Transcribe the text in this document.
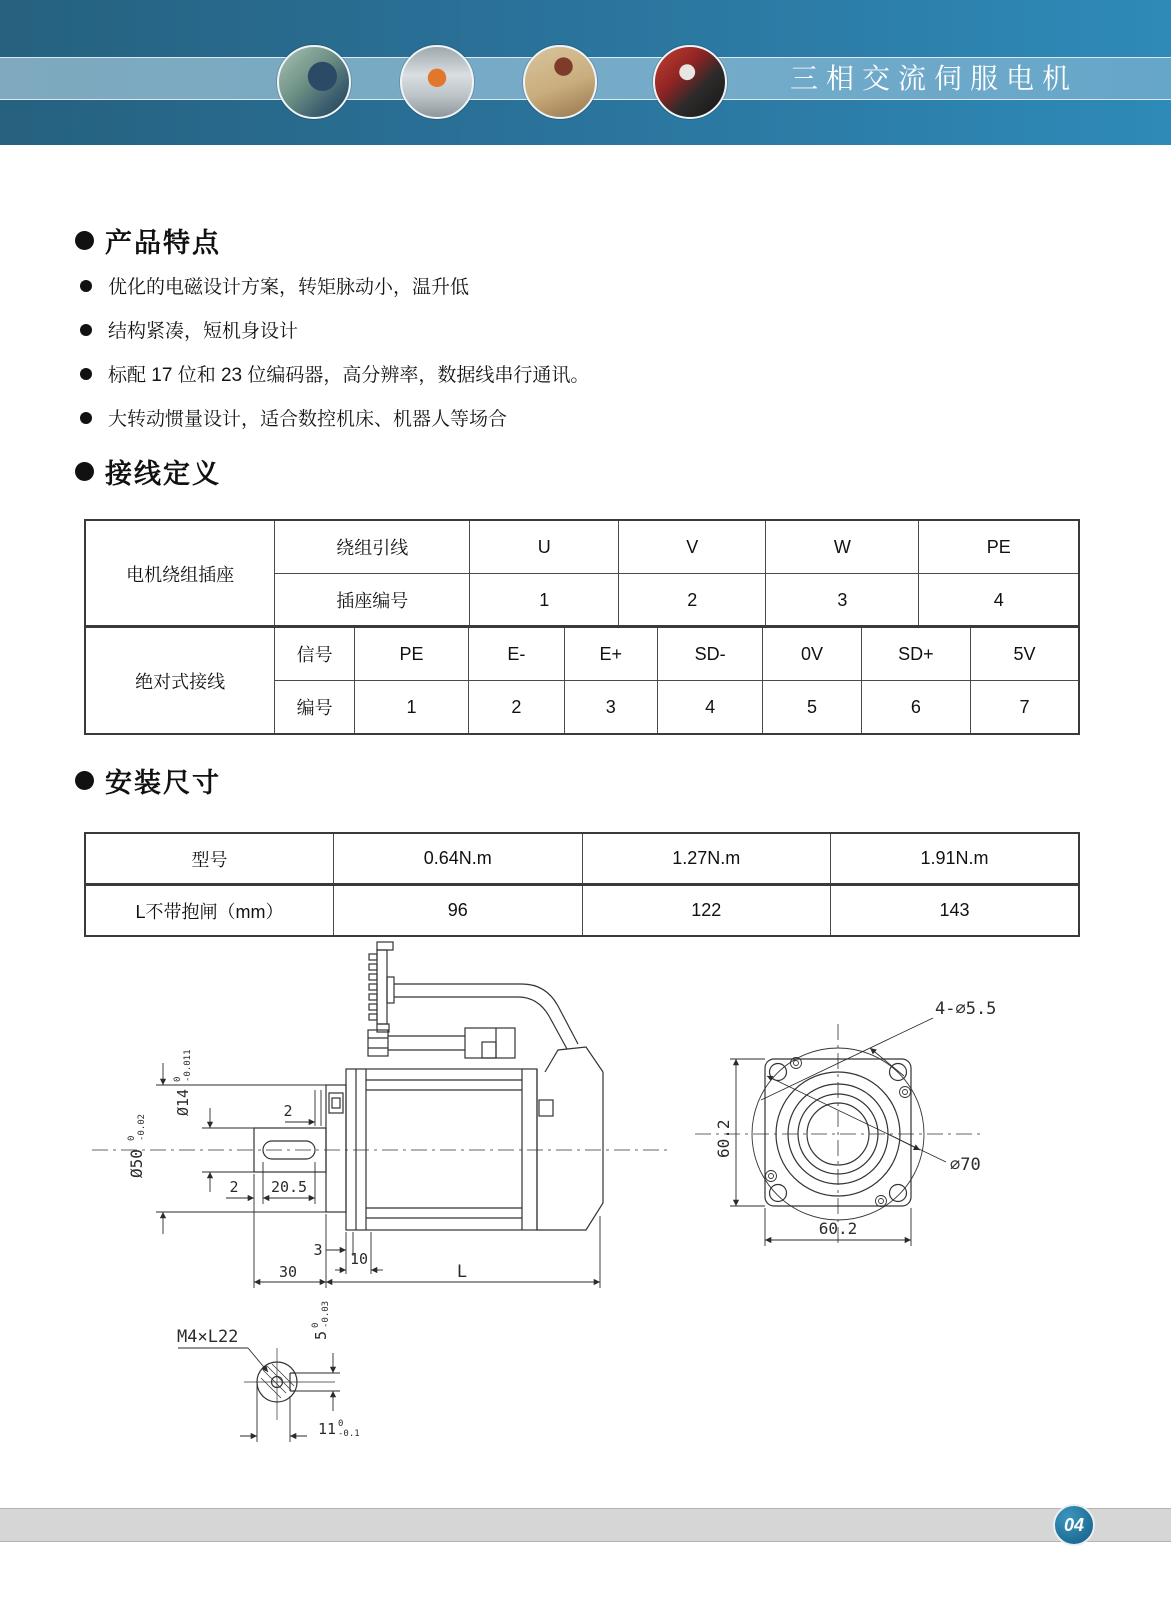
三相交流伺服电机
产品特点
优化的电磁设计方案，转矩脉动小，温升低
结构紧凑，短机身设计
标配 17 位和 23 位编码器，高分辨率，数据线串行通讯。
大转动惯量设计，适合数控机床、机器人等场合
接线定义
电机绕组插座	绕组引线	U	V	W	PE
	插座编号	1	2	3	4
绝对式接线	信号	PE	E-	E+	SD-	0V	SD+	5V
	编号	1	2	3	4	5	6	7
安装尺寸
型号	0.64N.m	1.27N.m	1.91N.m
L不带抱闸（mm）	96	122	143
2
Ø14
0 -0.011
Ø50
0 -0.02
2 20.5
3 10
30	L
60.2
60.2
4-∅5.5
∅70
M4×L22	5
0 -0.03
11 0
-0.1
04
